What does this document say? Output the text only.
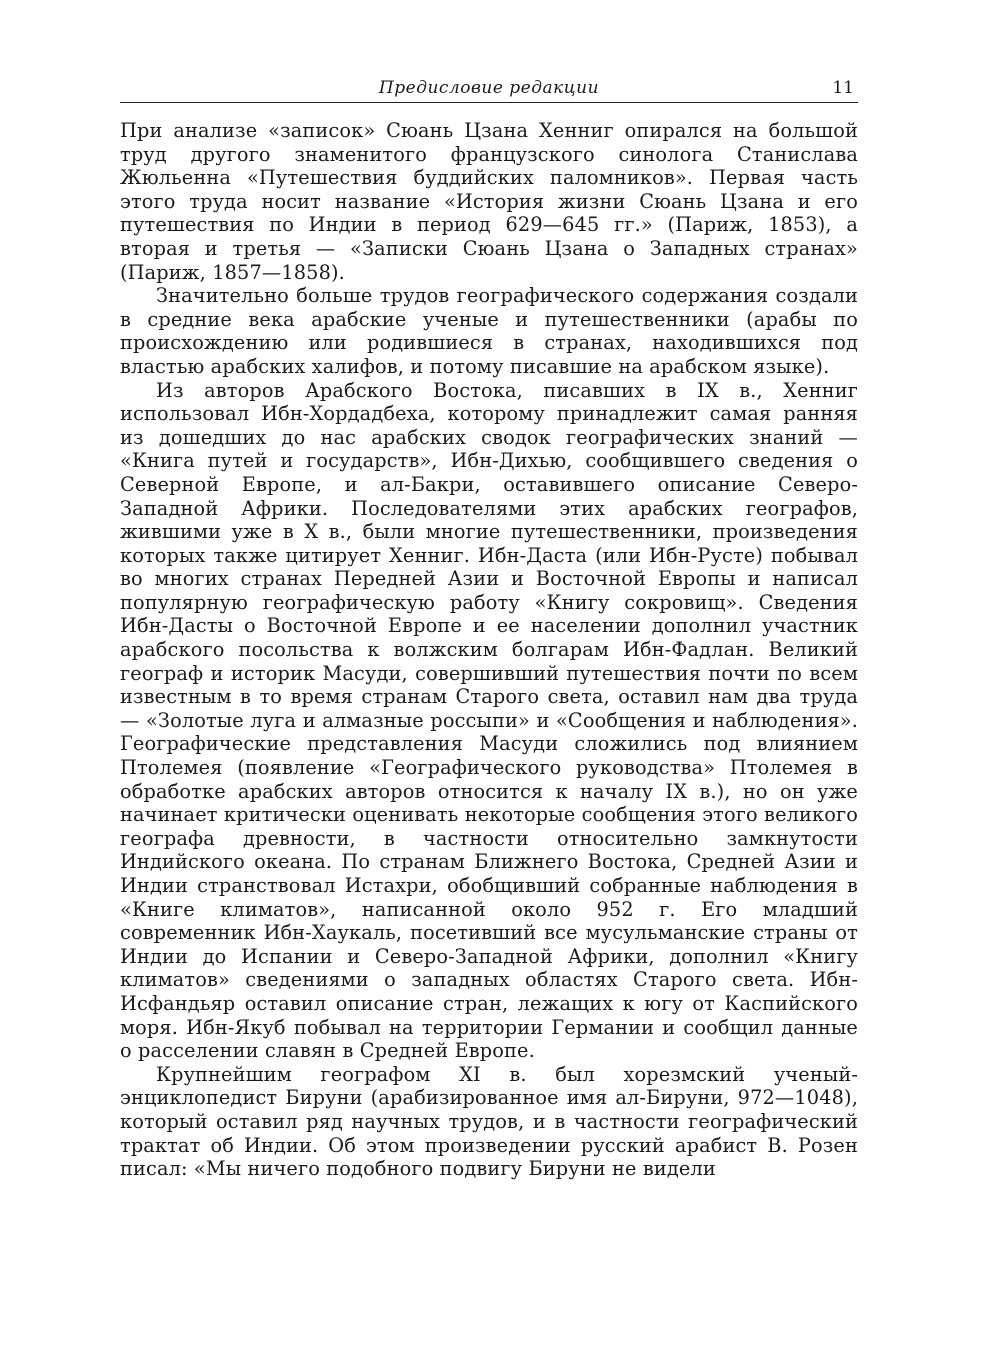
Предисловие редакции	11

При анализе «записок» Сюань Цзана Хенниг опирался на большой труд другого знаменитого французского синолога Станислава Жюльенна «Путешествия буддийских паломников». Первая часть этого труда носит название «История жизни Сюань Цзана и его путешествия по Индии в период 629—645 гг.» (Париж, 1853), а вторая и третья — «Записки Сюань Цзана о Западных странах» (Париж, 1857—1858).

Значительно больше трудов географического содержания создали в средние века арабские ученые и путешественники (арабы по происхождению или родившиеся в странах, находившихся под властью арабских халифов, и потому писавшие на арабском языке).

Из авторов Арабского Востока, писавших в IX в., Хенниг использовал Ибн-Хордадбеха, которому принадлежит самая ранняя из дошедших до нас арабских сводок географических знаний — «Книга путей и государств», Ибн-Дихью, сообщившего сведения о Северной Европе, и ал-Бакри, оставившего описание Северо-Западной Африки. Последователями этих арабских географов, жившими уже в X в., были многие путешественники, произведения которых также цитирует Хенниг. Ибн-Даста (или Ибн-Русте) побывал во многих странах Передней Азии и Восточной Европы и написал популярную географическую работу «Книгу сокровищ». Сведения Ибн-Дасты о Восточной Европе и ее населении дополнил участник арабского посольства к волжским болгарам Ибн-Фадлан. Великий географ и историк Масуди, совершивший путешествия почти по всем известным в то время странам Старого света, оставил нам два труда — «Золотые луга и алмазные россыпи» и «Сообщения и наблюдения». Географические представления Масуди сложились под влиянием Птолемея (появление «Географического руководства» Птолемея в обработке арабских авторов относится к началу IX в.), но он уже начинает критически оценивать некоторые сообщения этого великого географа древности, в частности относительно замкнутости Индийского океана. По странам Ближнего Востока, Средней Азии и Индии странствовал Истахри, обобщивший собранные наблюдения в «Книге климатов», написанной около 952 г. Его младший современник Ибн-Хаукаль, посетивший все мусульманские страны от Индии до Испании и Северо-Западной Африки, дополнил «Книгу климатов» сведениями о западных областях Старого света. Ибн-Исфандьяр оставил описание стран, лежащих к югу от Каспийского моря. Ибн-Якуб побывал на территории Германии и сообщил данные о расселении славян в Средней Европе.

Крупнейшим географом XI в. был хорезмский ученый-энциклопедист Бируни (арабизированное имя ал-Бируни, 972—1048), который оставил ряд научных трудов, и в частности географический трактат об Индии. Об этом произведении русский арабист В. Розен писал: «Мы ничего подобного подвигу Бируни не видели
